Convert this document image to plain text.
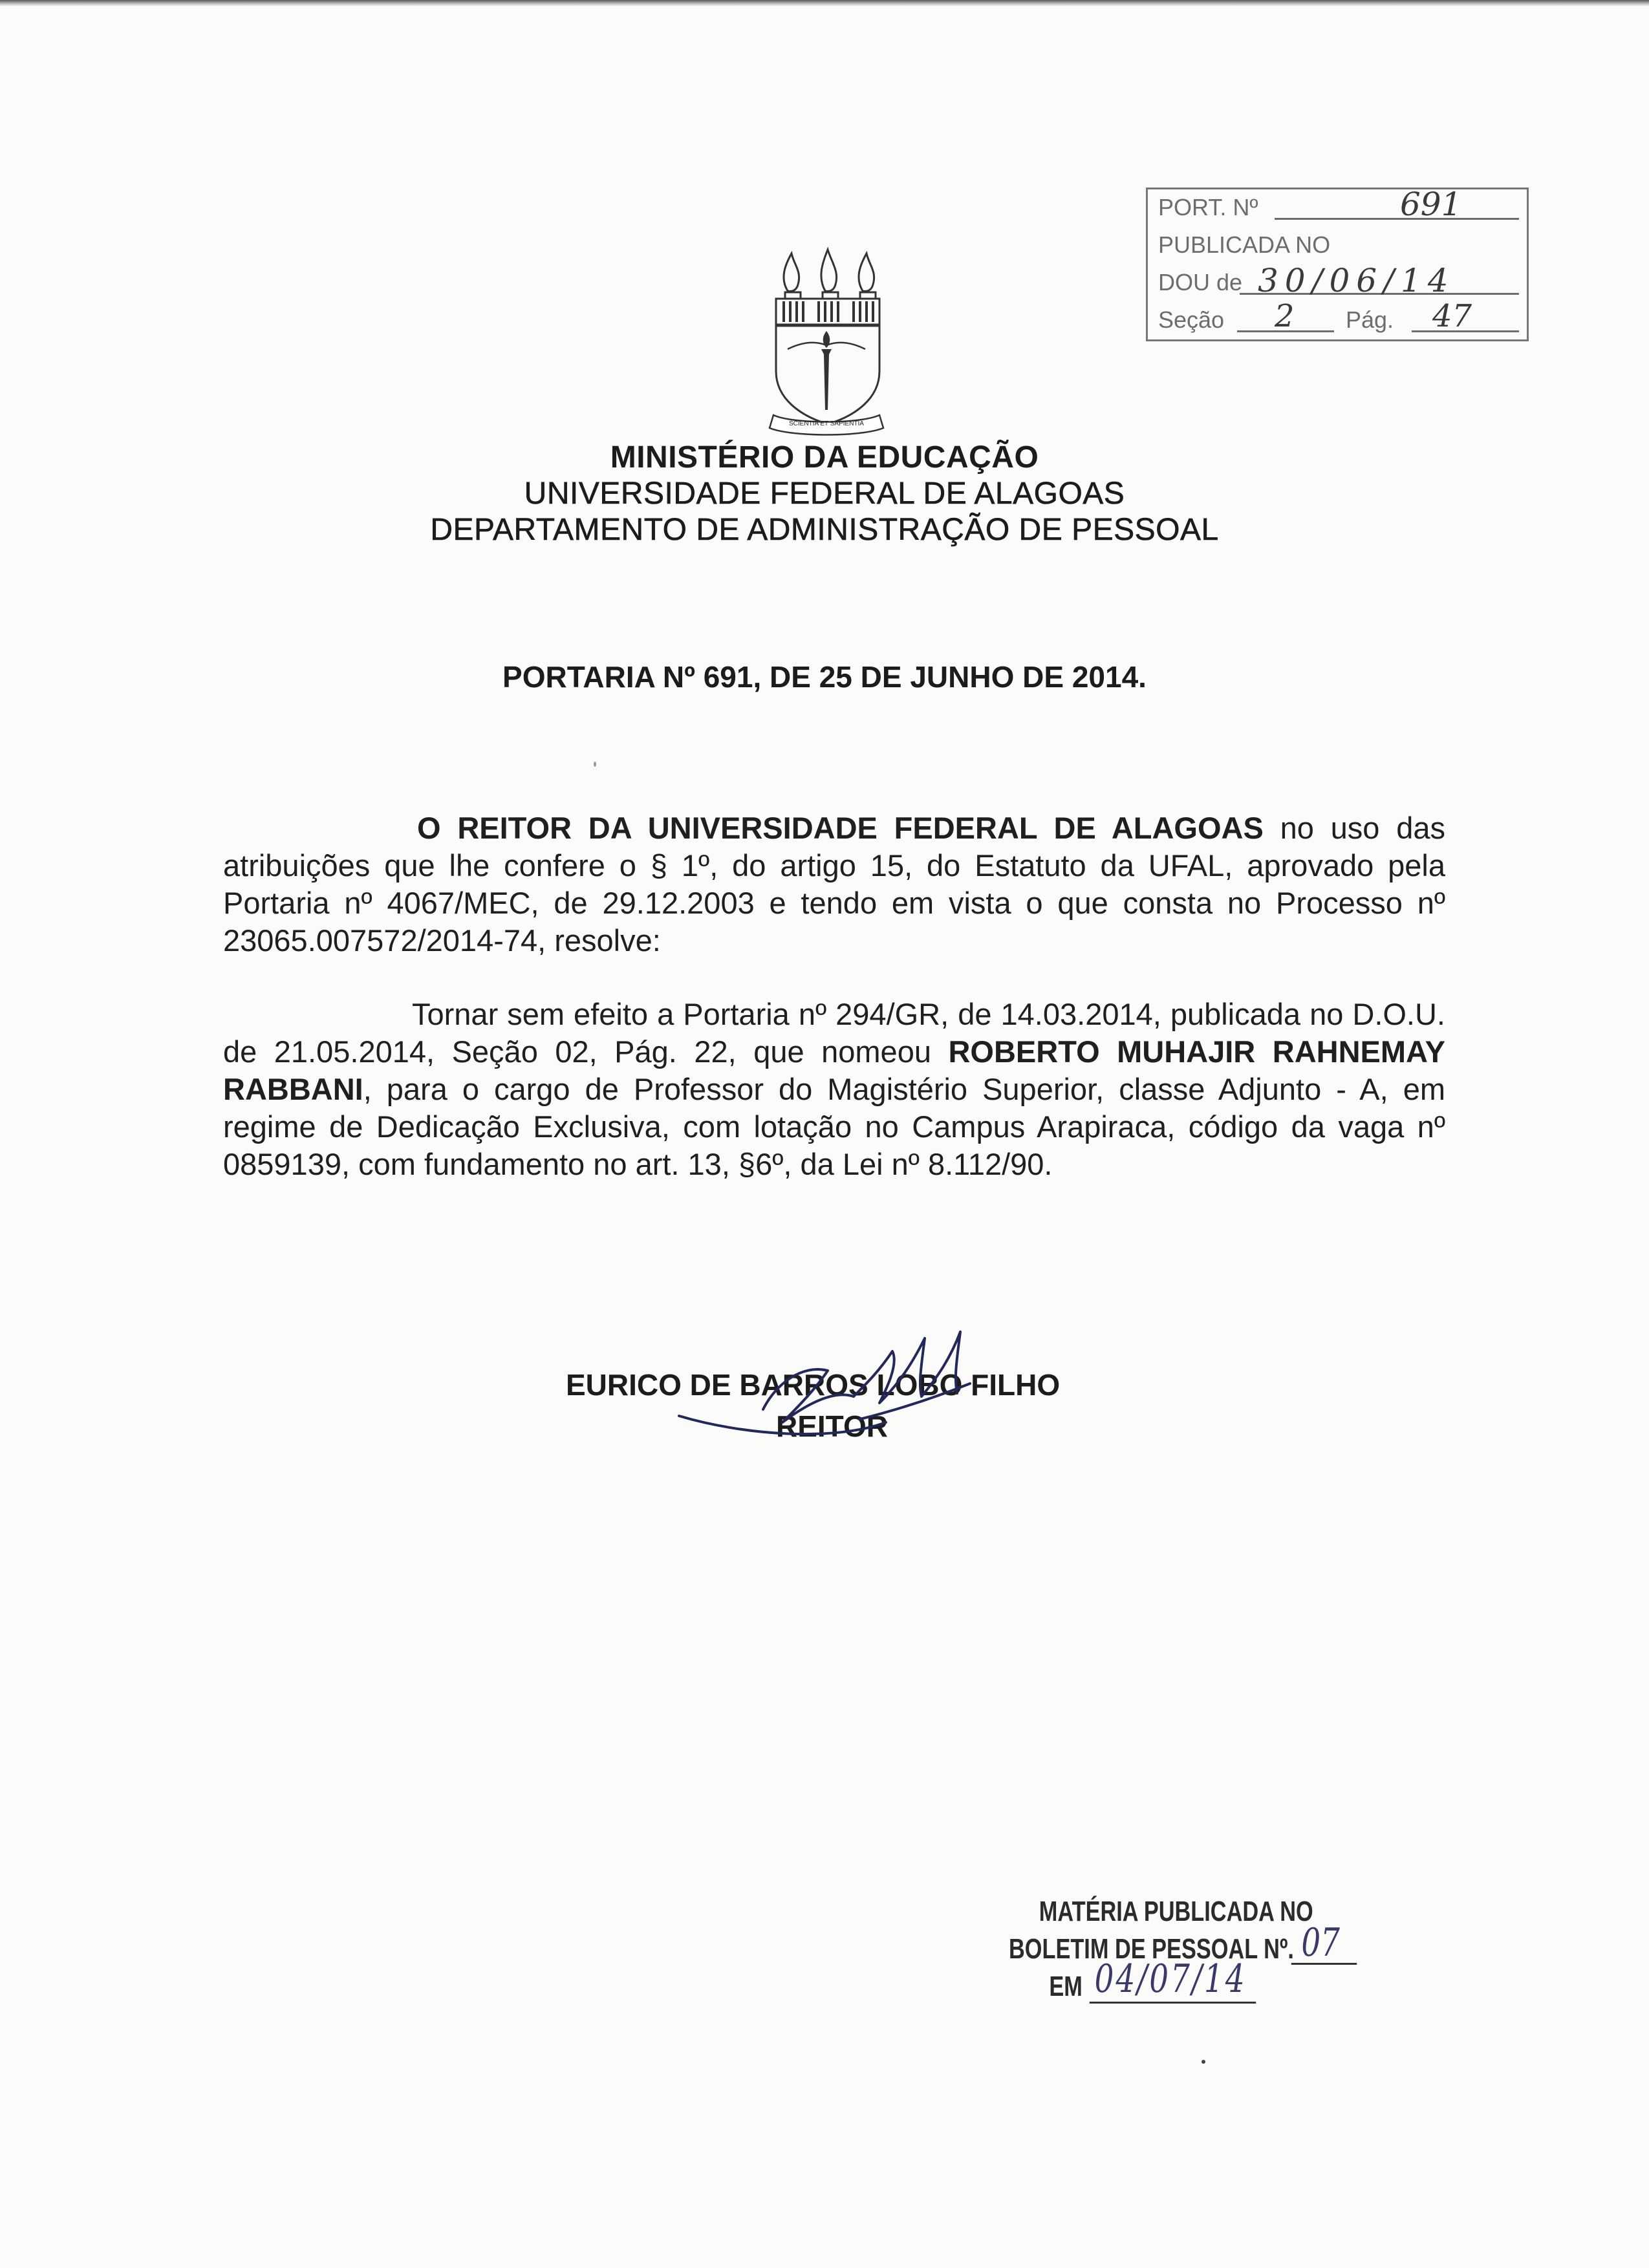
PORT. Nº	691
PUBLICADA NO
DOU de 30/06/14
Seção 2 Pág. 47
SCIENTIA ET SAPIENTIA
MINISTÉRIO DA EDUCAÇÃO
UNIVERSIDADE FEDERAL DE ALAGOAS
DEPARTAMENTO DE ADMINISTRAÇÃO DE PESSOAL
PORTARIA Nº 691, DE 25 DE JUNHO DE 2014.
O REITOR DA UNIVERSIDADE FEDERAL DE ALAGOAS no uso das atribuições que lhe confere o § 1º, do artigo 15, do Estatuto da UFAL, aprovado pela Portaria nº 4067/MEC, de 29.12.2003 e tendo em vista o que consta no Processo nº 23065.007572/2014-74, resolve:
Tornar sem efeito a Portaria nº 294/GR, de 14.03.2014, publicada no D.O.U. de 21.05.2014, Seção 02, Pág. 22, que nomeou ROBERTO MUHAJIR RAHNEMAY RABBANI, para o cargo de Professor do Magistério Superior, classe Adjunto - A, em regime de Dedicação Exclusiva, com lotação no Campus Arapiraca, código da vaga nº 0859139, com fundamento no art. 13, §6º, da Lei nº 8.112/90.
EURICO DE BARROS LOBO FILHO
REITOR
MATÉRIA PUBLICADA NO
BOLETIM DE PESSOAL Nº. 07
EM 04/07/14
